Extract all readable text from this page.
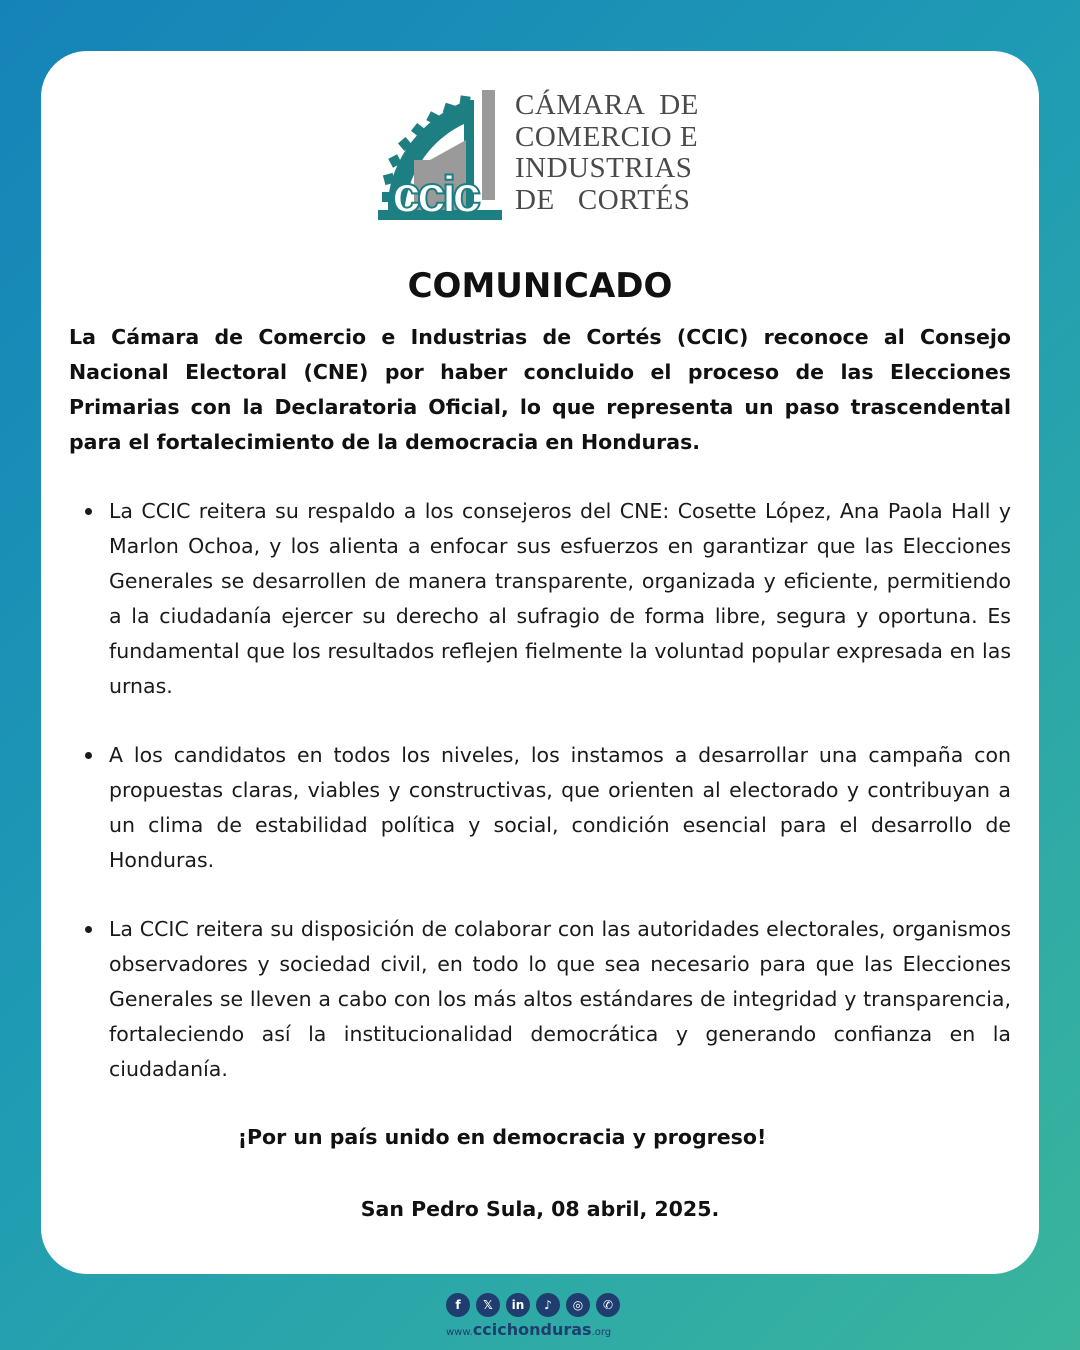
ccic
CÁMARA  DE
COMERCIO E
INDUSTRIAS
DE   CORTÉS
COMUNICADO

La Cámara de Comercio e Industrias de Cortés (CCIC) reconoce al Consejo Nacional Electoral (CNE) por haber concluido el proceso de las Elecciones Primarias con la Declaratoria Oficial, lo que representa un paso trascendental para el fortalecimiento de la democracia en Honduras.

La CCIC reitera su respaldo a los consejeros del CNE: Cosette López, Ana Paola Hall y Marlon Ochoa, y los alienta a enfocar sus esfuerzos en garantizar que las Elecciones Generales se desarrollen de manera transparente, organizada y eficiente, permitiendo a la ciudadanía ejercer su derecho al sufragio de forma libre, segura y oportuna. Es fundamental que los resultados reflejen fielmente la voluntad popular expresada en las urnas.
A los candidatos en todos los niveles, los instamos a desarrollar una campaña con propuestas claras, viables y constructivas, que orienten al electorado y contribuyan a un clima de estabilidad política y social, condición esencial para el desarrollo de Honduras.
La CCIC reitera su disposición de colaborar con las autoridades electorales, organismos observadores y sociedad civil, en todo lo que sea necesario para que las Elecciones Generales se lleven a cabo con los más altos estándares de integridad y transparencia, fortaleciendo así la institucionalidad democrática y generando confianza en la ciudadanía.
¡Por un país unido en democracia y progreso!
San Pedro Sula, 08 abril, 2025.
f	𝕏	in	♪	◎	✆
www.ccichonduras.org
